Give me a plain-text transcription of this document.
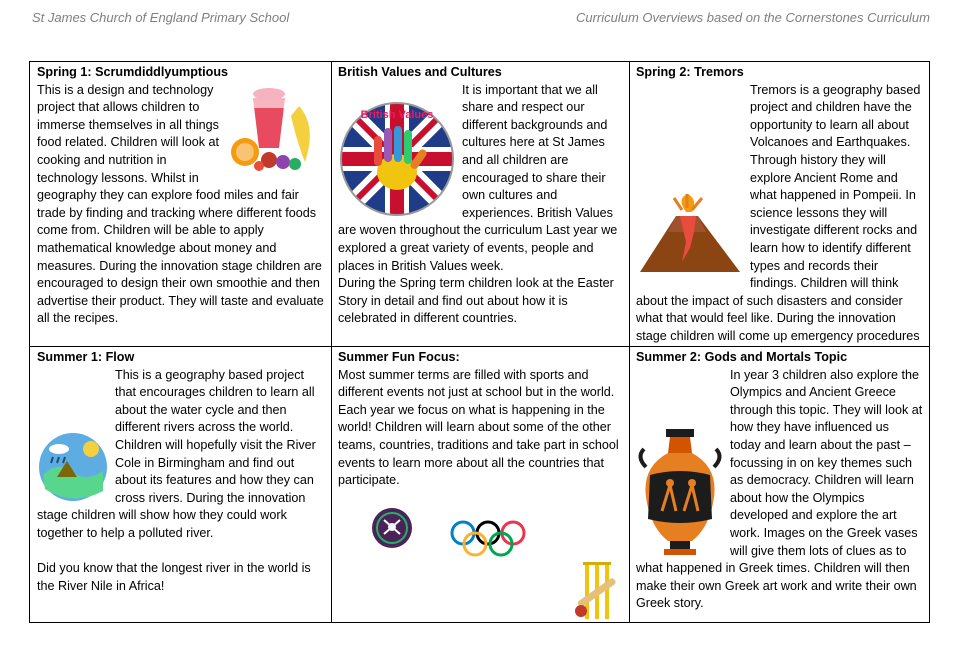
St James Church of England Primary School	Curriculum Overviews based on the Cornerstones Curriculum
Spring 1: Scrumdiddlyumptious
This is a design and technology project that allows children to immerse themselves in all things food related. Children will look at cooking and nutrition in technology lessons. Whilst in geography they can explore food miles and fair trade by finding and tracking where different foods come from. Children will be able to apply mathematical knowledge about money and measures. During the innovation stage children are encouraged to design their own smoothie and then advertise their product. They will taste and evaluate all the recipes.
British Values and Cultures
British Values
It is important that we all share and respect our different backgrounds and cultures here at St James and all children are encouraged to share their own cultures and experiences. British Values are woven throughout the curriculum Last year we explored a great variety of events, people and places in British Values week.
During the Spring term children look at the Easter Story in detail and find out about how it is celebrated in different countries.
Spring 2: Tremors
Tremors is a geography based project and children have the opportunity to learn all about Volcanoes and Earthquakes. Through history they will explore Ancient Rome and what happened in Pompeii. In science lessons they will investigate different rocks and learn how to identify different types and records their findings. Children will think about the impact of such disasters and consider what that would feel like. During the innovation stage children will come up emergency procedures
Summer 1: Flow
This is a geography based project that encourages children to learn all about the water cycle and then different rivers across the world. Children will hopefully visit the River Cole in Birmingham and find out about its features and how they can cross rivers. During the innovation stage children will show how they could work together to help a polluted river.
Did you know that the longest river in the world is the River Nile in Africa!
Summer Fun Focus:
Most summer terms are filled with sports and different events not just at school but in the world. Each year we focus on what is happening in the world! Children will learn about some of the other teams, countries, traditions and take part in school events to learn more about all the countries that participate.
Summer 2: Gods and Mortals Topic
In year 3 children also explore the Olympics and Ancient Greece through this topic. They will look at how they have influenced us today and learn about the past – focussing in on key themes such as democracy. Children will learn about how the Olympics developed and explore the art work. Images on the Greek vases will give them lots of clues as to what happened in Greek times. Children will then make their own Greek art work and write their own Greek story.
